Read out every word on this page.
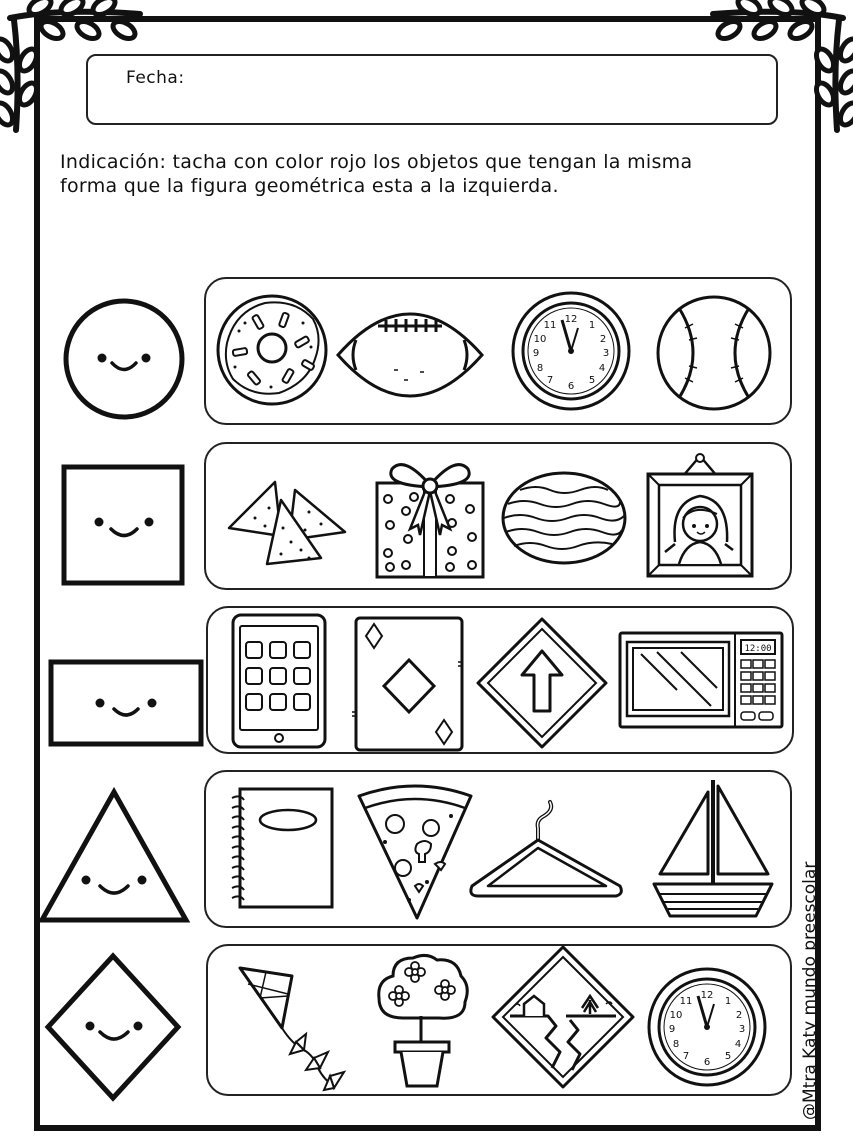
Fecha:
Indicación: tacha con color rojo los objetos que tengan la misma
forma que la figura geométrica esta a la izquierda.
12
1
2
3
4
5
6
7
8
9
10
11
12:00
12
1
2
3
4
5
6
7
8
9
10
11	@Mtra Katy mundo preescolar
